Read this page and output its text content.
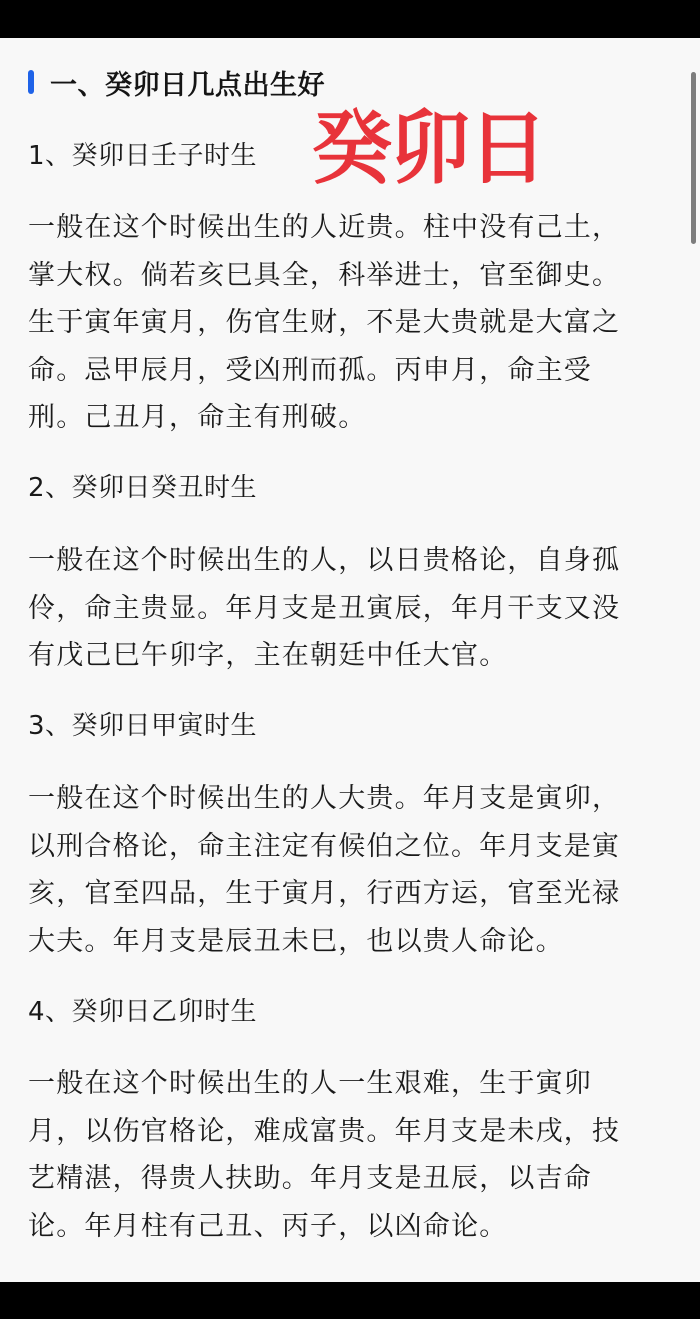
一、癸卯日几点出生好
癸卯日
1、癸卯日壬子时生
一般在这个时候出生的人近贵。柱中没有己土，
掌大权。倘若亥巳具全，科举进士，官至御史。
生于寅年寅月，伤官生财，不是大贵就是大富之
命。忌甲辰月，受凶刑而孤。丙申月，命主受
刑。己丑月，命主有刑破。
2、癸卯日癸丑时生
一般在这个时候出生的人，以日贵格论，自身孤
伶，命主贵显。年月支是丑寅辰，年月干支又没
有戊己巳午卯字，主在朝廷中任大官。
3、癸卯日甲寅时生
一般在这个时候出生的人大贵。年月支是寅卯，
以刑合格论，命主注定有候伯之位。年月支是寅
亥，官至四品，生于寅月，行西方运，官至光禄
大夫。年月支是辰丑未巳，也以贵人命论。
4、癸卯日乙卯时生
一般在这个时候出生的人一生艰难，生于寅卯
月，以伤官格论，难成富贵。年月支是未戌，技
艺精湛，得贵人扶助。年月支是丑辰，以吉命
论。年月柱有己丑、丙子，以凶命论。
